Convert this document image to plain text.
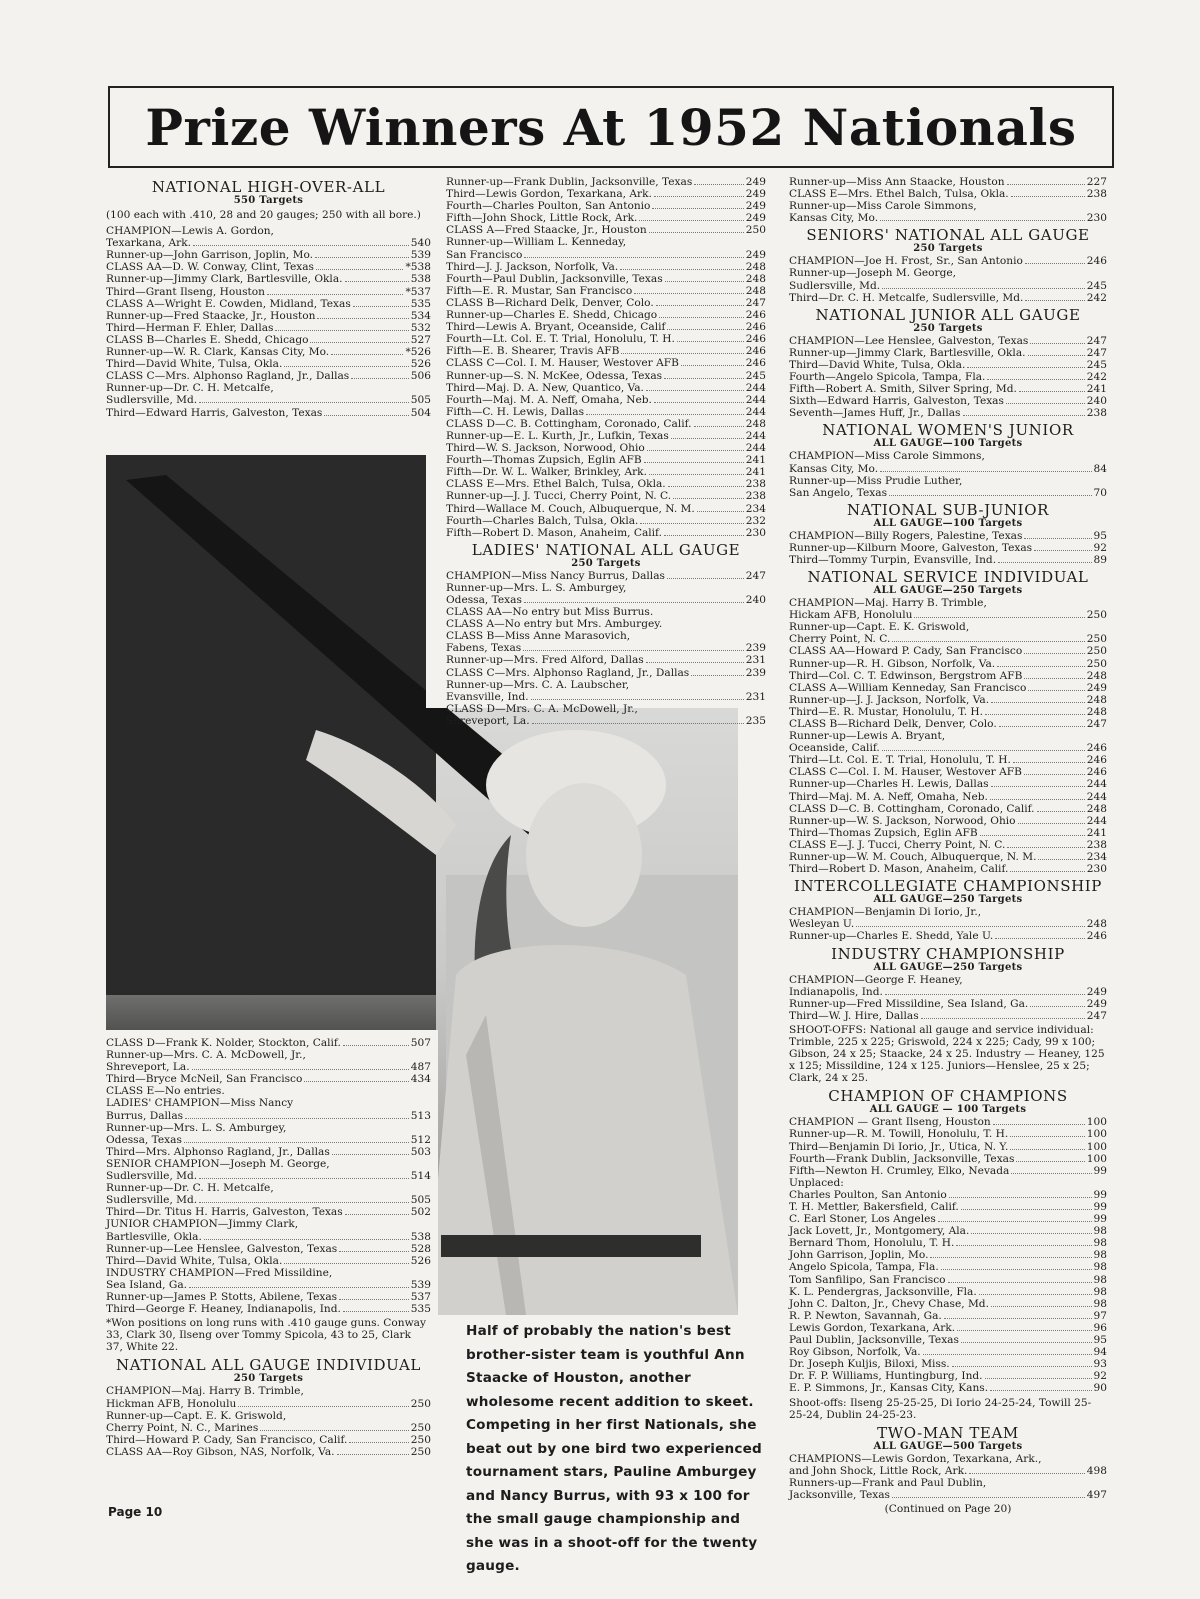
Prize Winners At 1952 Nationals
NATIONAL HIGH-OVER-ALL
550 Targets
(100 each with .410, 28 and 20 gauges; 250 with all bore.)
CHAMPION—Lewis A. Gordon,
Texarkana, Ark.	540
Runner-up—John Garrison, Joplin, Mo.	539
CLASS AA—D. W. Conway, Clint, Texas	*538
Runner-up—Jimmy Clark, Bartlesville, Okla.	538
Third—Grant Ilseng, Houston	*537
CLASS A—Wright E. Cowden, Midland, Texas	535
Runner-up—Fred Staacke, Jr., Houston	534
Third—Herman F. Ehler, Dallas	532
CLASS B—Charles E. Shedd, Chicago	527
Runner-up—W. R. Clark, Kansas City, Mo.	*526
Third—David White, Tulsa, Okla.	526
CLASS C—Mrs. Alphonso Ragland, Jr., Dallas	506
Runner-up—Dr. C. H. Metcalfe,
Sudlersville, Md.	505
Third—Edward Harris, Galveston, Texas	504
CLASS D—Frank K. Nolder, Stockton, Calif.	507
Runner-up—Mrs. C. A. McDowell, Jr.,
Shreveport, La.	487
Third—Bryce McNeil, San Francisco	434
CLASS E—No entries.
LADIES' CHAMPION—Miss Nancy
Burrus, Dallas	513
Runner-up—Mrs. L. S. Amburgey,
Odessa, Texas	512
Third—Mrs. Alphonso Ragland, Jr., Dallas	503
SENIOR CHAMPION—Joseph M. George,
Sudlersville, Md.	514
Runner-up—Dr. C. H. Metcalfe,
Sudlersville, Md.	505
Third—Dr. Titus H. Harris, Galveston, Texas	502
JUNIOR CHAMPION—Jimmy Clark,
Bartlesville, Okla.	538
Runner-up—Lee Henslee, Galveston, Texas	528
Third—David White, Tulsa, Okla.	526
INDUSTRY CHAMPION—Fred Missildine,
Sea Island, Ga.	539
Runner-up—James P. Stotts, Abilene, Texas	537
Third—George F. Heaney, Indianapolis, Ind.	535
*Won positions on long runs with .410 gauge guns. Conway 33, Clark 30, Ilseng over Tommy Spicola, 43 to 25, Clark 37, White 22.
NATIONAL ALL GAUGE INDIVIDUAL
250 Targets
CHAMPION—Maj. Harry B. Trimble,
Hickman AFB, Honolulu	250
Runner-up—Capt. E. K. Griswold,
Cherry Point, N. C., Marines	250
Third—Howard P. Cady, San Francisco, Calif.	250
CLASS AA—Roy Gibson, NAS, Norfolk, Va.	250
Runner-up—Frank Dublin, Jacksonville, Texas	249
Third—Lewis Gordon, Texarkana, Ark.	249
Fourth—Charles Poulton, San Antonio	249
Fifth—John Shock, Little Rock, Ark.	249
CLASS A—Fred Staacke, Jr., Houston	250
Runner-up—William L. Kenneday,
San Francisco	249
Third—J. J. Jackson, Norfolk, Va.	248
Fourth—Paul Dublin, Jacksonville, Texas	248
Fifth—E. R. Mustar, San Francisco	248
CLASS B—Richard Delk, Denver, Colo.	247
Runner-up—Charles E. Shedd, Chicago	246
Third—Lewis A. Bryant, Oceanside, Calif	246
Fourth—Lt. Col. E. T. Trial, Honolulu, T. H.	246
Fifth—E. B. Shearer, Travis AFB	246
CLASS C—Col. I. M. Hauser, Westover AFB	246
Runner-up—S. N. McKee, Odessa, Texas	245
Third—Maj. D. A. New, Quantico, Va.	244
Fourth—Maj. M. A. Neff, Omaha, Neb.	244
Fifth—C. H. Lewis, Dallas	244
CLASS D—C. B. Cottingham, Coronado, Calif.	248
Runner-up—E. L. Kurth, Jr., Lufkin, Texas	244
Third—W. S. Jackson, Norwood, Ohio	244
Fourth—Thomas Zupsich, Eglin AFB	241
Fifth—Dr. W. L. Walker, Brinkley, Ark.	241
CLASS E—Mrs. Ethel Balch, Tulsa, Okla.	238
Runner-up—J. J. Tucci, Cherry Point, N. C.	238
Third—Wallace M. Couch, Albuquerque, N. M.	234
Fourth—Charles Balch, Tulsa, Okla.	232
Fifth—Robert D. Mason, Anaheim, Calif.	230
LADIES' NATIONAL ALL GAUGE
250 Targets
CHAMPION—Miss Nancy Burrus, Dallas	247
Runner-up—Mrs. L. S. Amburgey,
Odessa, Texas	240
CLASS AA—No entry but Miss Burrus.
CLASS A—No entry but Mrs. Amburgey.
CLASS B—Miss Anne Marasovich,
Fabens, Texas	239
Runner-up—Mrs. Fred Alford, Dallas	231
CLASS C—Mrs. Alphonso Ragland, Jr., Dallas	239
Runner-up—Mrs. C. A. Laubscher,
Evansville, Ind.	231
CLASS D—Mrs. C. A. McDowell, Jr.,
Shreveport, La.	235
Runner-up—Miss Ann Staacke, Houston	227
CLASS E—Mrs. Ethel Balch, Tulsa, Okla.	238
Runner-up—Miss Carole Simmons,
Kansas City, Mo.	230
SENIORS' NATIONAL ALL GAUGE
250 Targets
CHAMPION—Joe H. Frost, Sr., San Antonio	246
Runner-up—Joseph M. George,
Sudlersville, Md.	245
Third—Dr. C. H. Metcalfe, Sudlersville, Md.	242
NATIONAL JUNIOR ALL GAUGE
250 Targets
CHAMPION—Lee Henslee, Galveston, Texas	247
Runner-up—Jimmy Clark, Bartlesville, Okla.	247
Third—David White, Tulsa, Okla.	245
Fourth—Angelo Spicola, Tampa, Fla.	242
Fifth—Robert A. Smith, Silver Spring, Md.	241
Sixth—Edward Harris, Galveston, Texas	240
Seventh—James Huff, Jr., Dallas	238
NATIONAL WOMEN'S JUNIOR
ALL GAUGE—100 Targets
CHAMPION—Miss Carole Simmons,
Kansas City, Mo.	84
Runner-up—Miss Prudie Luther,
San Angelo, Texas	70
NATIONAL SUB-JUNIOR
ALL GAUGE—100 Targets
CHAMPION—Billy Rogers, Palestine, Texas	95
Runner-up—Kilburn Moore, Galveston, Texas	92
Third—Tommy Turpin, Evansville, Ind.	89
NATIONAL SERVICE INDIVIDUAL
ALL GAUGE—250 Targets
CHAMPION—Maj. Harry B. Trimble,
Hickam AFB, Honolulu	250
Runner-up—Capt. E. K. Griswold,
Cherry Point, N. C.	250
CLASS AA—Howard P. Cady, San Francisco	250
Runner-up—R. H. Gibson, Norfolk, Va.	250
Third—Col. C. T. Edwinson, Bergstrom AFB	248
CLASS A—William Kenneday, San Francisco	249
Runner-up—J. J. Jackson, Norfolk, Va.	248
Third—E. R. Mustar, Honolulu, T. H.	248
CLASS B—Richard Delk, Denver, Colo.	247
Runner-up—Lewis A. Bryant,
Oceanside, Calif.	246
Third—Lt. Col. E. T. Trial, Honolulu, T. H.	246
CLASS C—Col. I. M. Hauser, Westover AFB	246
Runner-up—Charles H. Lewis, Dallas	244
Third—Maj. M. A. Neff, Omaha, Neb.	244
CLASS D—C. B. Cottingham, Coronado, Calif.	248
Runner-up—W. S. Jackson, Norwood, Ohio	244
Third—Thomas Zupsich, Eglin AFB	241
CLASS E—J. J. Tucci, Cherry Point, N. C.	238
Runner-up—W. M. Couch, Albuquerque, N. M.	234
Third—Robert D. Mason, Anaheim, Calif.	230
INTERCOLLEGIATE CHAMPIONSHIP
ALL GAUGE—250 Targets
CHAMPION—Benjamin Di Iorio, Jr.,
Wesleyan U.	248
Runner-up—Charles E. Shedd, Yale U.	246
INDUSTRY CHAMPIONSHIP
ALL GAUGE—250 Targets
CHAMPION—George F. Heaney,
Indianapolis, Ind.	249
Runner-up—Fred Missildine, Sea Island, Ga.	249
Third—W. J. Hire, Dallas	247
SHOOT-OFFS: National all gauge and service individual: Trimble, 225 x 225; Griswold, 224 x 225; Cady, 99 x 100; Gibson, 24 x 25; Staacke, 24 x 25. Industry — Heaney, 125 x 125; Missildine, 124 x 125. Juniors—Henslee, 25 x 25; Clark, 24 x 25.
CHAMPION OF CHAMPIONS
ALL GAUGE — 100 Targets
CHAMPION — Grant Ilseng, Houston	100
Runner-up—R. M. Towill, Honolulu, T. H.	100
Third—Benjamin Di Iorio, Jr., Utica, N. Y.	100
Fourth—Frank Dublin, Jacksonville, Texas	100
Fifth—Newton H. Crumley, Elko, Nevada	99
Unplaced:
Charles Poulton, San Antonio	99
T. H. Mettler, Bakersfield, Calif.	99
C. Earl Stoner, Los Angeles	99
Jack Lovett, Jr., Montgomery, Ala.	98
Bernard Thom, Honolulu, T. H.	98
John Garrison, Joplin, Mo.	98
Angelo Spicola, Tampa, Fla.	98
Tom Sanfilipo, San Francisco	98
K. L. Pendergras, Jacksonville, Fla.	98
John C. Dalton, Jr., Chevy Chase, Md.	98
R. P. Newton, Savannah, Ga.	97
Lewis Gordon, Texarkana, Ark.	96
Paul Dublin, Jacksonville, Texas	95
Roy Gibson, Norfolk, Va.	94
Dr. Joseph Kuljis, Biloxi, Miss.	93
Dr. F. P. Williams, Huntingburg, Ind.	92
E. P. Simmons, Jr., Kansas City, Kans.	90
Shoot-offs: Ilseng 25-25-25, Di Iorio 24-25-24, Towill 25-25-24, Dublin 24-25-23.
TWO-MAN TEAM
ALL GAUGE—500 Targets
CHAMPIONS—Lewis Gordon, Texarkana, Ark.,
and John Shock, Little Rock, Ark.	498
Runners-up—Frank and Paul Dublin,
Jacksonville, Texas	497
(Continued on Page 20)
Half of probably the nation's best brother-sister team is youthful Ann Staacke of Houston, another wholesome recent addition to skeet. Competing in her first Nationals, she beat out by one bird two experienced tournament stars, Pauline Amburgey and Nancy Burrus, with 93 x 100 for the small gauge championship and she was in a shoot-off for the twenty gauge.
Page 10
